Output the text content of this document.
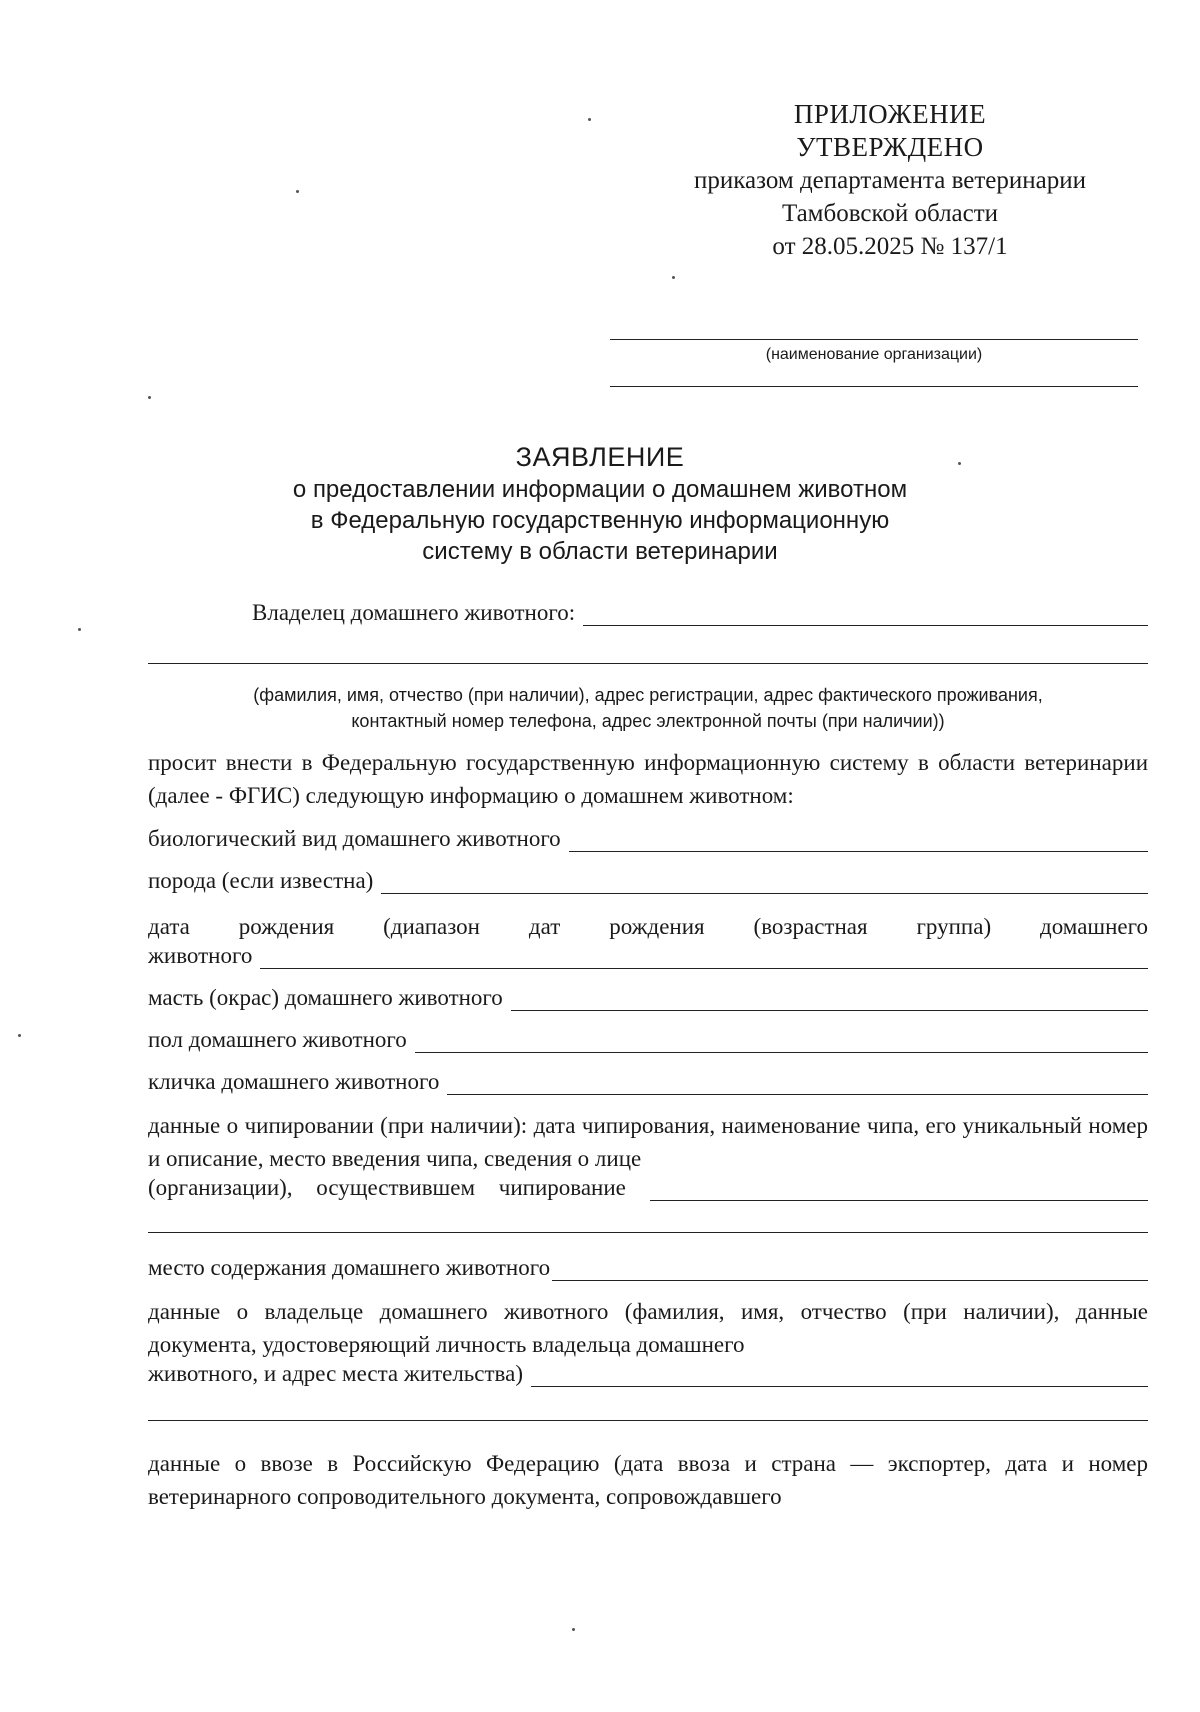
ПРИЛОЖЕНИЕ
УТВЕРЖДЕНО
приказом департамента ветеринарии
Тамбовской области
от 28.05.2025 № 137/1
(наименование организации)
ЗАЯВЛЕНИЕ
о предоставлении информации о домашнем животном
в Федеральную государственную информационную
систему в области ветеринарии
Владелец домашнего животного:
(фамилия, имя, отчество (при наличии), адрес регистрации, адрес фактического проживания,
контактный номер телефона, адрес электронной почты (при наличии))
просит внести в Федеральную государственную информационную систему в области ветеринарии (далее - ФГИС) следующую информацию о домашнем животном:
биологический вид домашнего животного
порода (если известна)
дата рождения (диапазон дат рождения (возрастная группа) домашнего
животного
масть (окрас) домашнего животного
пол домашнего животного
кличка домашнего животного
данные о чипировании (при наличии): дата чипирования, наименование чипа, его уникальный номер и описание, место введения чипа, сведения о лице
(организации), осуществившем чипирование
место содержания домашнего животного
данные о владельце домашнего животного (фамилия, имя, отчество (при наличии), данные документа, удостоверяющий личность владельца домашнего
животного, и адрес места жительства)
данные о ввозе в Российскую Федерацию (дата ввоза и страна — экспортер, дата и номер ветеринарного сопроводительного документа, сопровождавшего
